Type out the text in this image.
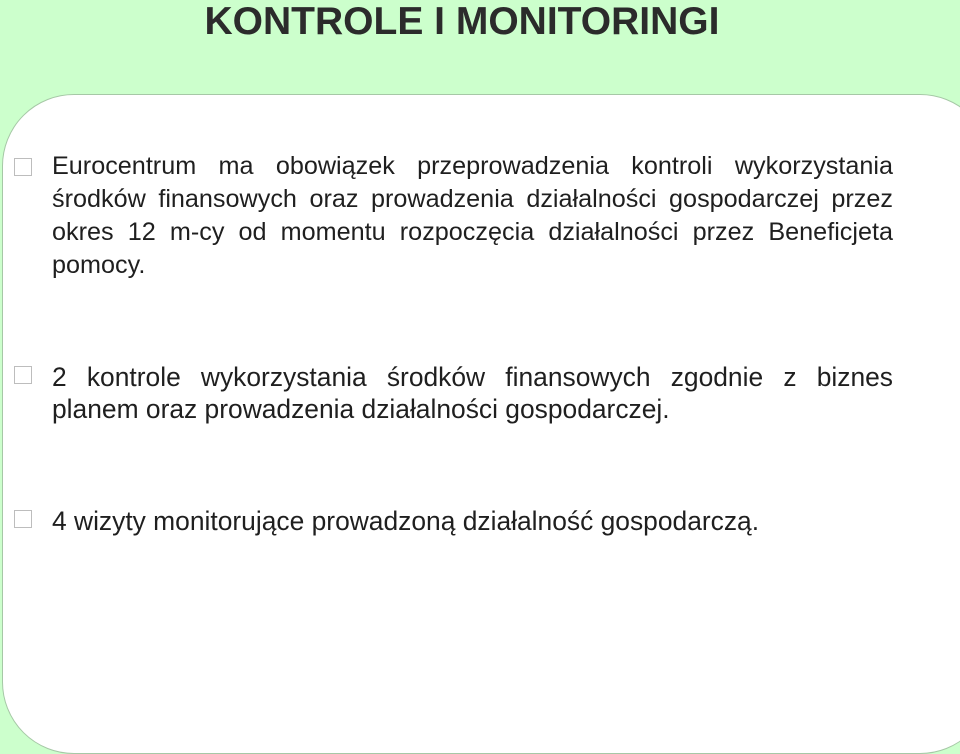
KONTROLE I MONITORINGI

Eurocentrum ma obowiązek przeprowadzenia kontroli wykorzystania środków finansowych oraz prowadzenia działalności gospodarczej przez okres 12 m-cy od momentu rozpoczęcia działalności przez Beneficjeta pomocy.

2 kontrole wykorzystania środków finansowych zgodnie z biznes planem oraz prowadzenia działalności gospodarczej.

4 wizyty monitorujące prowadzoną działalność gospodarczą.
